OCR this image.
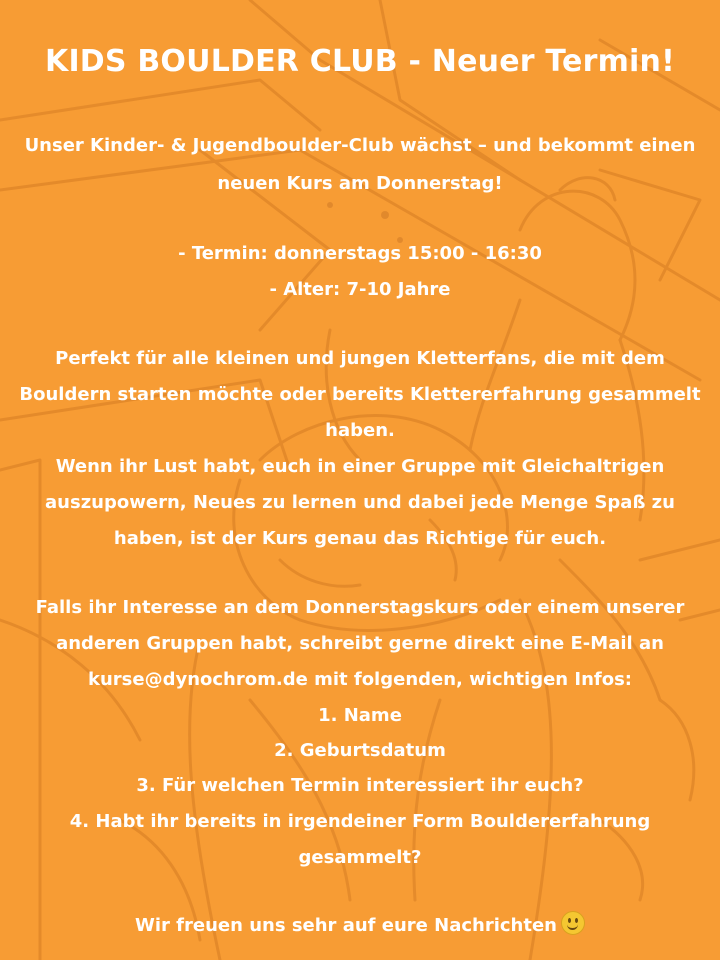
KIDS BOULDER CLUB - Neuer Termin!
Unser Kinder- & Jugendboulder-Club wächst – und bekommt einen
neuen Kurs am Donnerstag!
- Termin: donnerstags 15:00 - 16:30
- Alter: 7-10 Jahre
Perfekt für alle kleinen und jungen Kletterfans, die mit dem
Bouldern starten möchte oder bereits Klettererfahrung gesammelt
haben.
Wenn ihr Lust habt, euch in einer Gruppe mit Gleichaltrigen
auszupowern, Neues zu lernen und dabei jede Menge Spaß zu
haben, ist der Kurs genau das Richtige für euch.
Falls ihr Interesse an dem Donnerstagskurs oder einem unserer
anderen Gruppen habt, schreibt gerne direkt eine E-Mail an
kurse@dynochrom.de mit folgenden, wichtigen Infos:
1. Name
2. Geburtsdatum
3. Für welchen Termin interessiert ihr euch?
4. Habt ihr bereits in irgendeiner Form Bouldererfahrung
gesammelt?
Wir freuen uns sehr auf eure Nachrichten
